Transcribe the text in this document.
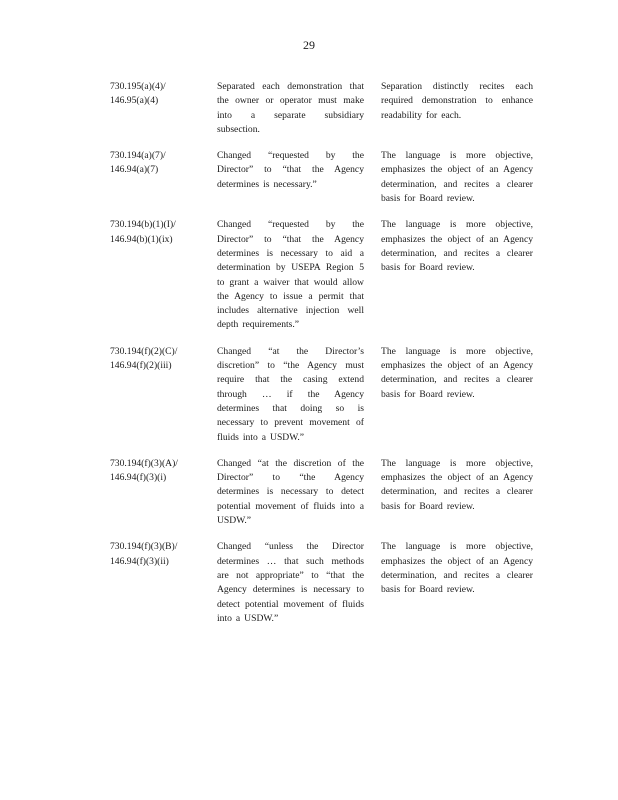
29
730.195(a)(4)/
146.95(a)(4)
Separated each demonstration that the owner or operator must make into a separate subsidiary subsection.
Separation distinctly recites each required demonstration to enhance readability for each.
730.194(a)(7)/
146.94(a)(7)
Changed “requested by the Director” to “that the Agency determines is necessary.”
The language is more objective, emphasizes the object of an Agency determination, and recites a clearer basis for Board review.
730.194(b)(1)(I)/
146.94(b)(1)(ix)
Changed “requested by the Director” to “that the Agency determines is necessary to aid a determination by USEPA Region 5 to grant a waiver that would allow the Agency to issue a permit that includes alternative injection well depth requirements.”
The language is more objective, emphasizes the object of an Agency determination, and recites a clearer basis for Board review.
730.194(f)(2)(C)/
146.94(f)(2)(iii)
Changed “at the Director’s discretion” to “the Agency must require that the casing extend through … if the Agency determines that doing so is necessary to prevent movement of fluids into a USDW.”
The language is more objective, emphasizes the object of an Agency determination, and recites a clearer basis for Board review.
730.194(f)(3)(A)/
146.94(f)(3)(i)
Changed “at the discretion of the Director” to “the Agency determines is necessary to detect potential movement of fluids into a USDW.”
The language is more objective, emphasizes the object of an Agency determination, and recites a clearer basis for Board review.
730.194(f)(3)(B)/
146.94(f)(3)(ii)
Changed “unless the Director determines … that such methods are not appropriate” to “that the Agency determines is necessary to detect potential movement of fluids into a USDW.”
The language is more objective, emphasizes the object of an Agency determination, and recites a clearer basis for Board review.
